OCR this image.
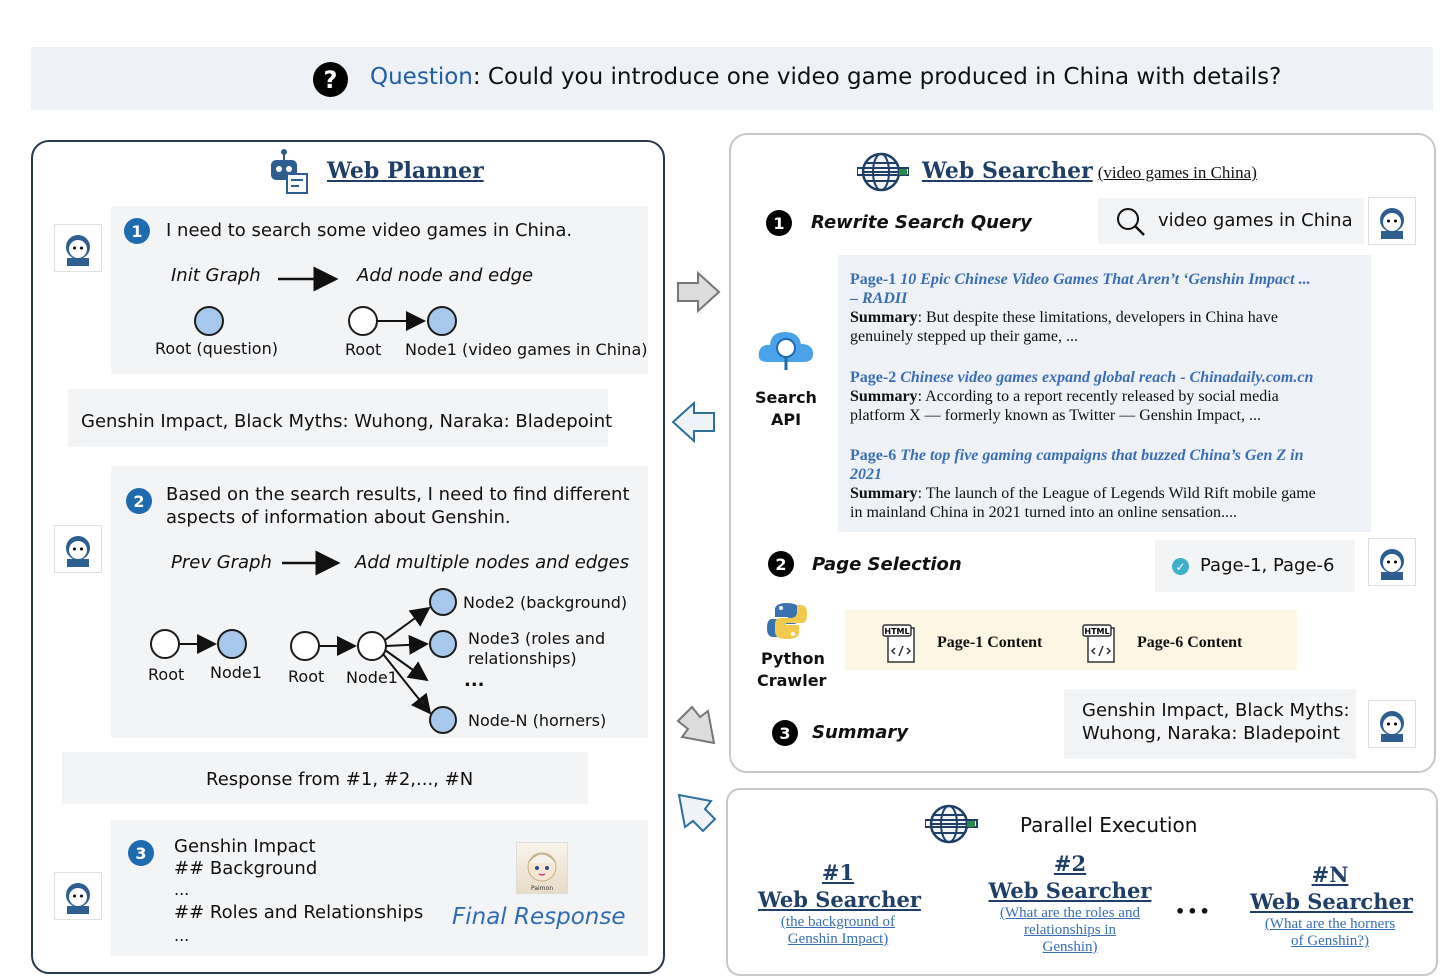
?	Question: Could you introduce one video game produced in China with details?
Web Planner
1	I need to search some video games in China.
Init Graph	Add node and edge
Root (question)	Root Node1 (video games in China)
Genshin Impact, Black Myths: Wuhong, Naraka: Bladepoint
2	Based on the search results, I need to find different
aspects of information about Genshin.
Prev Graph	Add multiple nodes and edges
Root Node1 Root Node1
Node2 (background)
Node3 (roles and
relationships)
...
Node-N (horners)
Response from #1, #2,..., #N
3	Genshin Impact
## Background
...
## Roles and Relationships
...
Paimon
Final Response
Web Searcher (video games in China)
1	Rewrite Search Query	video games in China
Search
API
Page-1 10 Epic Chinese Video Games That Aren’t ‘Genshin Impact ...
– RADII
Summary: But despite these limitations, developers in China have
genuinely stepped up their game, ...
Page-2 Chinese video games expand global reach - Chinadaily.com.cn
Summary: According to a report recently released by social media
platform X — formerly known as Twitter — Genshin Impact, ...
Page-6 The top five gaming campaigns that buzzed China’s Gen Z in
2021
Summary: The launch of the League of Legends Wild Rift mobile game
in mainland China in 2021 turned into an online sensation....
2	Page Selection	✓ Page-1, Page-6
Python
Crawler
HTML
Page-1 Content
HTML
Page-6 Content
3	Summary
Genshin Impact, Black Myths:
Wuhong, Naraka: Bladepoint
Parallel Execution
#1
Web Searcher
(the background of
Genshin Impact)
#2
Web Searcher
(What are the roles and
relationships in
Genshin)
•••
#N
Web Searcher
(What are the horners
of Genshin?)
